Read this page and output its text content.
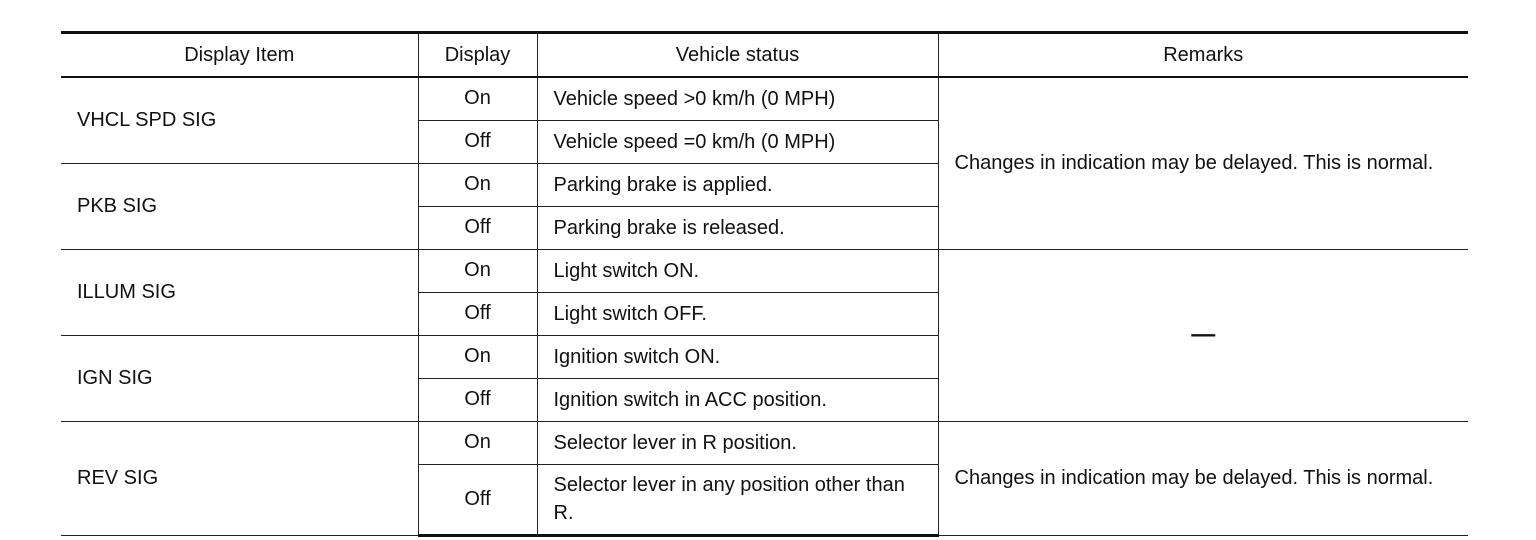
Display Item	Display	Vehicle status	Remarks
VHCL SPD SIG	On	Vehicle speed >0 km/h (0 MPH)	Changes in indication may be delayed. This is normal.
	Off	Vehicle speed =0 km/h (0 MPH)	
PKB SIG	On	Parking brake is applied.	
	Off	Parking brake is released.	
ILLUM SIG	On	Light switch ON.	—
	Off	Light switch OFF.	
IGN SIG	On	Ignition switch ON.	
	Off	Ignition switch in ACC position.	
REV SIG	On	Selector lever in R position.	Changes in indication may be delayed. This is normal.
	Off	Selector lever in any position other than R.	
